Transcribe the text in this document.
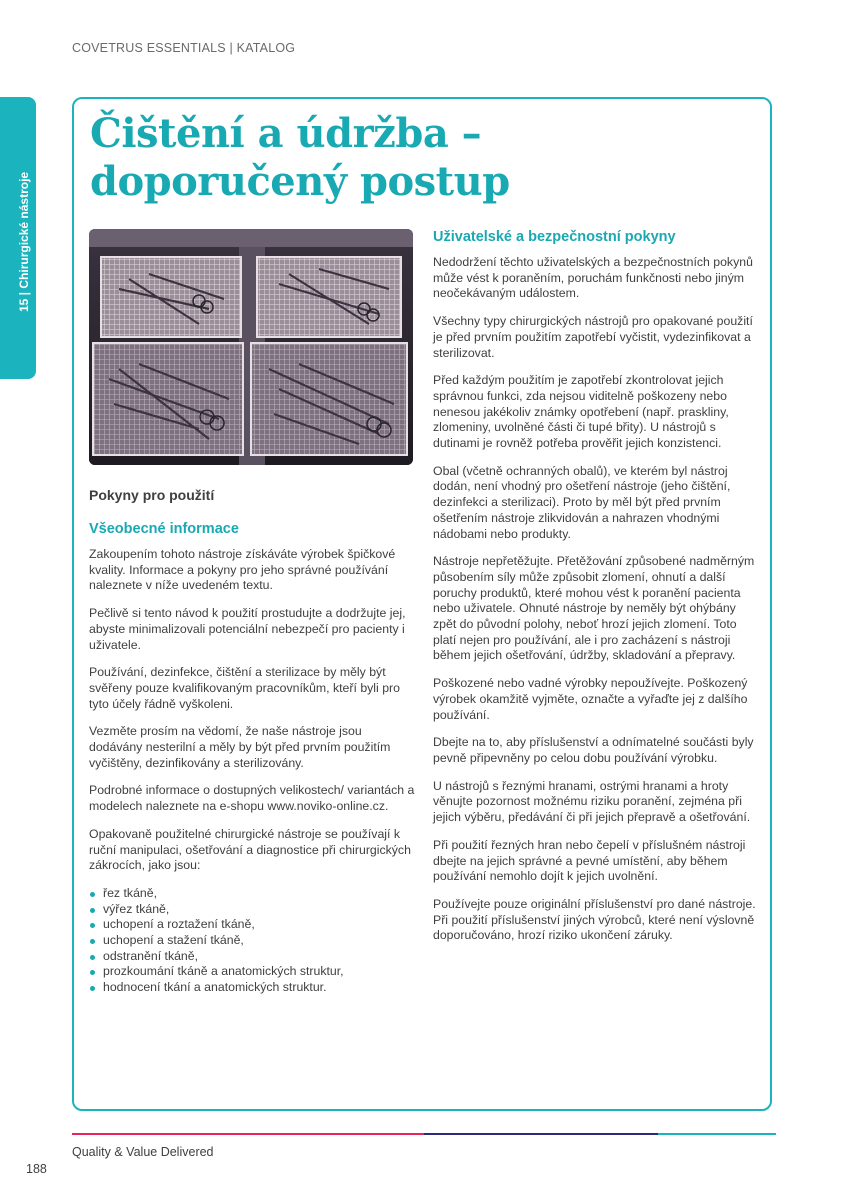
COVETRUS ESSENTIALS | KATALOG
15 | Chirurgické nástroje
Čištění a údržba – doporučený postup
Pokyny pro použití
Všeobecné informace

Zakoupením tohoto nástroje získáváte výrobek špičkové kvality. Informace a pokyny pro jeho správné používání naleznete v níže uvedeném textu.

Pečlivě si tento návod k použití prostudujte a dodržujte jej, abyste minimalizovali potenciální nebezpečí pro pacienty i uživatele.

Používání, dezinfekce, čištění a sterilizace by měly být svěřeny pouze kvalifikovaným pracovníkům, kteří byli pro tyto účely řádně vyškoleni.

Vezměte prosím na vědomí, že naše nástroje jsou dodávány nesterilní a měly by být před prvním použitím vyčištěny, dezinfikovány a sterilizovány.

Podrobné informace o dostupných velikostech/ variantách a modelech naleznete na e-shopu www.noviko-online.cz.

Opakovaně použitelné chirurgické nástroje se používají k ruční manipulaci, ošetřování a diagnostice při chirurgických zákrocích, jako jsou:

řez tkáně,
výřez tkáně,
uchopení a roztažení tkáně,
uchopení a stažení tkáně,
odstranění tkáně,
prozkoumání tkáně a anatomických struktur,
hodnocení tkání a anatomických struktur.
Uživatelské a bezpečnostní pokyny

Nedodržení těchto uživatelských a bezpečnostních pokynů může vést k poraněním, poruchám funkčnosti nebo jiným neočekávaným událostem.

Všechny typy chirurgických nástrojů pro opakované použití je před prvním použitím zapotřebí vyčistit, vydezinfikovat a sterilizovat.

Před každým použitím je zapotřebí zkontrolovat jejich správnou funkci, zda nejsou viditelně poškozeny nebo nenesou jakékoliv známky opotřebení (např. praskliny, zlomeniny, uvolněné části či tupé břity). U nástrojů s dutinami je rovněž potřeba prověřit jejich konzistenci.

Obal (včetně ochranných obalů), ve kterém byl nástroj dodán, není vhodný pro ošetření nástroje (jeho čištění, dezinfekci a sterilizaci). Proto by měl být před prvním ošetřením nástroje zlikvidován a nahrazen vhodnými nádobami nebo produkty.

Nástroje nepřetěžujte. Přetěžování způsobené nadměrným působením síly může způsobit zlomení, ohnutí a další poruchy produktů, které mohou vést k poranění pacienta nebo uživatele. Ohnuté nástroje by neměly být ohýbány zpět do původní polohy, neboť hrozí jejich zlomení. Toto platí nejen pro používání, ale i pro zacházení s nástroji během jejich ošetřování, údržby, skladování a přepravy.

Poškozené nebo vadné výrobky nepoužívejte. Poškozený výrobek okamžitě vyjměte, označte a vyřaďte jej z dalšího používání.

Dbejte na to, aby příslušenství a odnímatelné součásti byly pevně připevněny po celou dobu používání výrobku.

U nástrojů s řeznými hranami, ostrými hranami a hroty věnujte pozornost možnému riziku poranění, zejména při jejich výběru, předávání či při jejich přepravě a ošetřování.

Při použití řezných hran nebo čepelí v příslušném nástroji dbejte na jejich správné a pevné umístění, aby během používání nemohlo dojít k jejich uvolnění.

Používejte pouze originální příslušenství pro dané nástroje. Při použití příslušenství jiných výrobců, které není výslovně doporučováno, hrozí riziko ukončení záruky.

Quality & Value Delivered
188
